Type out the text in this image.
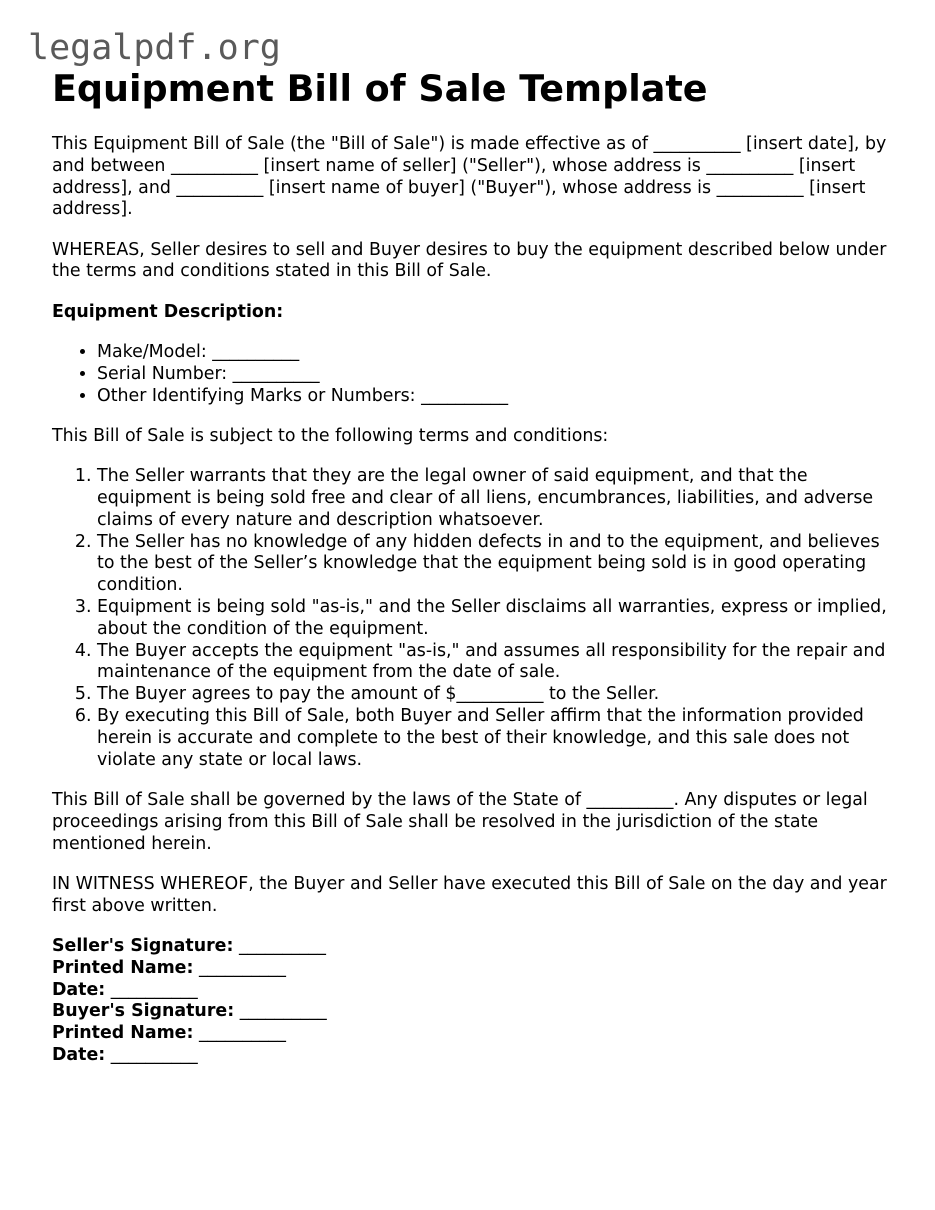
legalpdf.org
Equipment Bill of Sale Template

This Equipment Bill of Sale (the "Bill of Sale") is made effective as of __________ [insert date], by and between __________ [insert name of seller] ("Seller"), whose address is __________ [insert address], and __________ [insert name of buyer] ("Buyer"), whose address is __________ [insert address].

WHEREAS, Seller desires to sell and Buyer desires to buy the equipment described below under the terms and conditions stated in this Bill of Sale.

Equipment Description:

• Make/Model: __________
• Serial Number: __________
• Other Identifying Marks or Numbers: __________

This Bill of Sale is subject to the following terms and conditions:

1. The Seller warrants that they are the legal owner of said equipment, and that the equipment is being sold free and clear of all liens, encumbrances, liabilities, and adverse claims of every nature and description whatsoever.
2. The Seller has no knowledge of any hidden defects in and to the equipment, and believes to the best of the Seller’s knowledge that the equipment being sold is in good operating condition.
3. Equipment is being sold "as-is," and the Seller disclaims all warranties, express or implied, about the condition of the equipment.
4. The Buyer accepts the equipment "as-is," and assumes all responsibility for the repair and maintenance of the equipment from the date of sale.
5. The Buyer agrees to pay the amount of $__________ to the Seller.
6. By executing this Bill of Sale, both Buyer and Seller affirm that the information provided herein is accurate and complete to the best of their knowledge, and this sale does not violate any state or local laws.

This Bill of Sale shall be governed by the laws of the State of __________. Any disputes or legal proceedings arising from this Bill of Sale shall be resolved in the jurisdiction of the state mentioned herein.

IN WITNESS WHEREOF, the Buyer and Seller have executed this Bill of Sale on the day and year first above written.

Seller's Signature: __________
Printed Name: __________
Date: __________
Buyer's Signature: __________
Printed Name: __________
Date: __________
